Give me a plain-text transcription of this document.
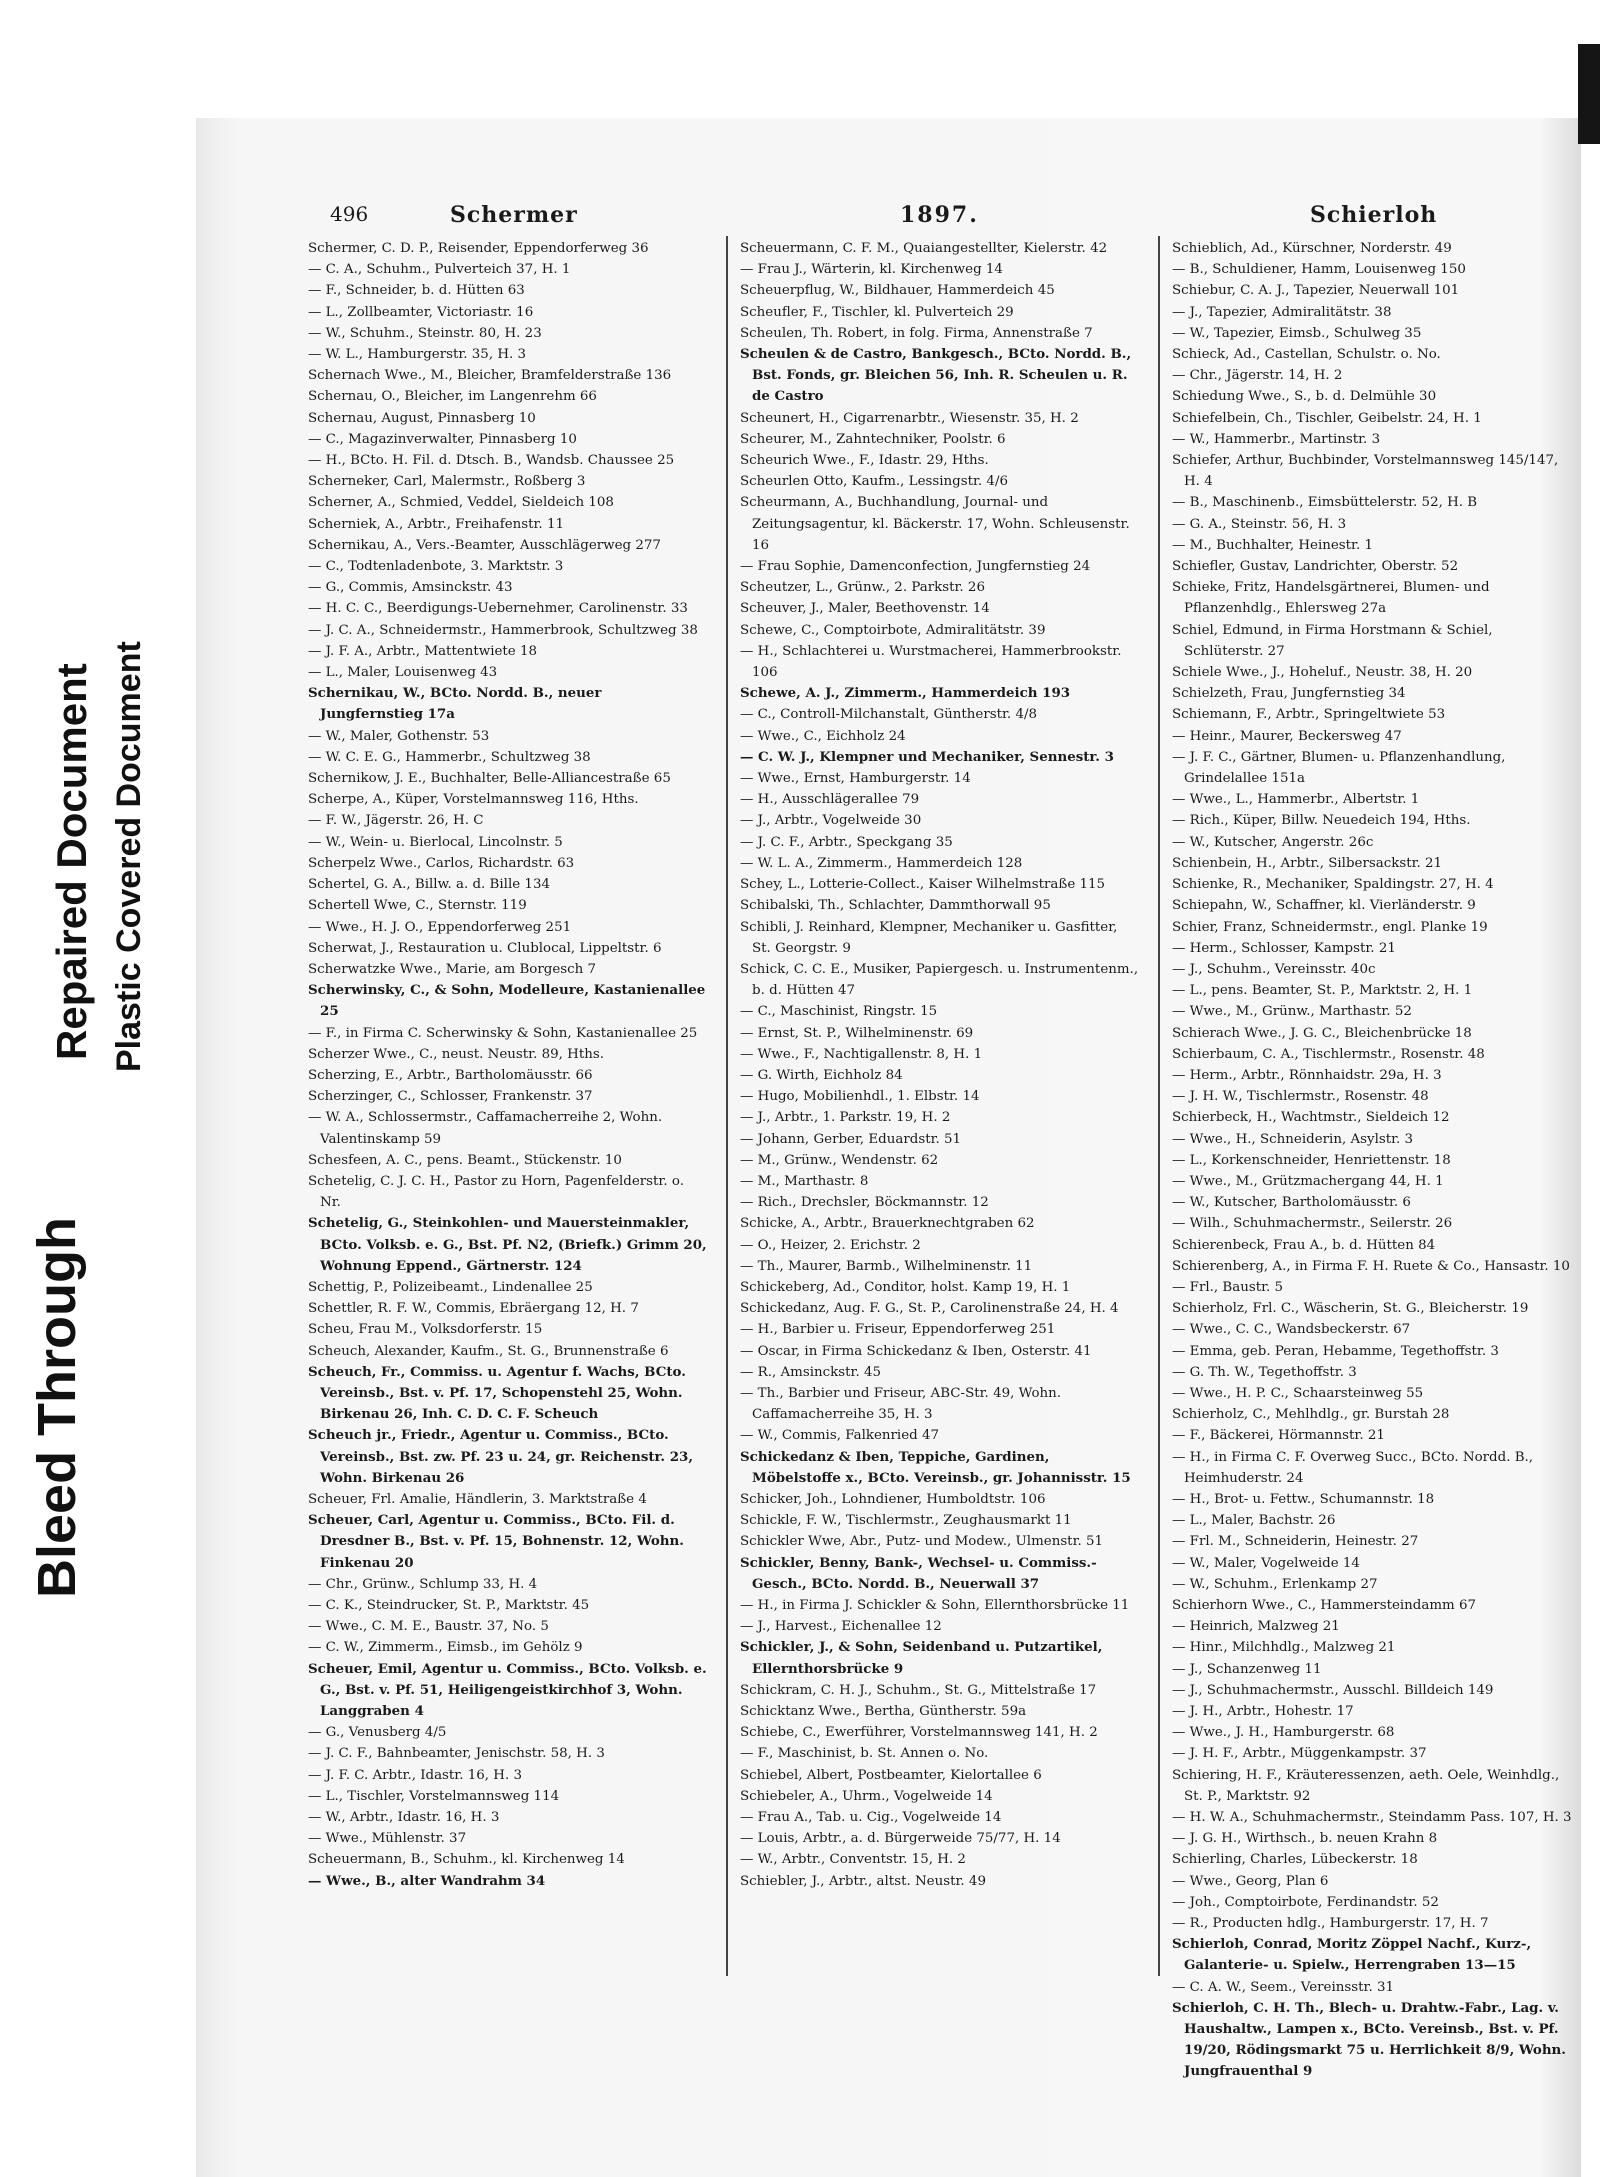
Bleed Through
Repaired Document Plastic Covered Document
496	Schermer	1897.	Schierloh
Schermer, C. D. P., Reisender, Eppendorferweg 36
— C. A., Schuhm., Pulverteich 37, H. 1
— F., Schneider, b. d. Hütten 63
— L., Zollbeamter, Victoriastr. 16
— W., Schuhm., Steinstr. 80, H. 23
— W. L., Hamburgerstr. 35, H. 3
Schernach Wwe., M., Bleicher, Bramfelderstraße 136
Schernau, O., Bleicher, im Langenrehm 66
Schernau, August, Pinnasberg 10
— C., Magazinverwalter, Pinnasberg 10
— H., BCto. H. Fil. d. Dtsch. B., Wandsb. Chaussee 25
Scherneker, Carl, Malermstr., Roßberg 3
Scherner, A., Schmied, Veddel, Sieldeich 108
Scherniek, A., Arbtr., Freihafenstr. 11
Schernikau, A., Vers.-Beamter, Ausschlägerweg 277
— C., Todtenladenbote, 3. Marktstr. 3
— G., Commis, Amsinckstr. 43
— H. C. C., Beerdigungs-Uebernehmer, Carolinenstr. 33
— J. C. A., Schneidermstr., Hammerbrook, Schultzweg 38
— J. F. A., Arbtr., Mattentwiete 18
— L., Maler, Louisenweg 43
Schernikau, W., BCto. Nordd. B., neuer Jungfernstieg 17a
— W., Maler, Gothenstr. 53
— W. C. E. G., Hammerbr., Schultzweg 38
Schernikow, J. E., Buchhalter, Belle-Alliancestraße 65
Scherpe, A., Küper, Vorstelmannsweg 116, Hths.
— F. W., Jägerstr. 26, H. C
— W., Wein- u. Bierlocal, Lincolnstr. 5
Scherpelz Wwe., Carlos, Richardstr. 63
Schertel, G. A., Billw. a. d. Bille 134
Schertell Wwe, C., Sternstr. 119
— Wwe., H. J. O., Eppendorferweg 251
Scherwat, J., Restauration u. Clublocal, Lippeltstr. 6
Scherwatzke Wwe., Marie, am Borgesch 7
Scherwinsky, C., & Sohn, Modelleure, Kastanienallee 25
— F., in Firma C. Scherwinsky & Sohn, Kastanienallee 25
Scherzer Wwe., C., neust. Neustr. 89, Hths.
Scherzing, E., Arbtr., Bartholomäusstr. 66
Scherzinger, C., Schlosser, Frankenstr. 37
— W. A., Schlossermstr., Caffamacherreihe 2, Wohn. Valentinskamp 59
Schesfeen, A. C., pens. Beamt., Stückenstr. 10
Schetelig, C. J. C. H., Pastor zu Horn, Pagenfelderstr. o. Nr.
Schetelig, G., Steinkohlen- und Mauersteinmakler, BCto. Volksb. e. G., Bst. Pf. N2, (Briefk.) Grimm 20, Wohnung Eppend., Gärtnerstr. 124
Schettig, P., Polizeibeamt., Lindenallee 25
Schettler, R. F. W., Commis, Ebräergang 12, H. 7
Scheu, Frau M., Volksdorferstr. 15
Scheuch, Alexander, Kaufm., St. G., Brunnenstraße 6
Scheuch, Fr., Commiss. u. Agentur f. Wachs, BCto. Vereinsb., Bst. v. Pf. 17, Schopenstehl 25, Wohn. Birkenau 26, Inh. C. D. C. F. Scheuch
Scheuch jr., Friedr., Agentur u. Commiss., BCto. Vereinsb., Bst. zw. Pf. 23 u. 24, gr. Reichenstr. 23, Wohn. Birkenau 26
Scheuer, Frl. Amalie, Händlerin, 3. Marktstraße 4
Scheuer, Carl, Agentur u. Commiss., BCto. Fil. d. Dresdner B., Bst. v. Pf. 15, Bohnenstr. 12, Wohn. Finkenau 20
— Chr., Grünw., Schlump 33, H. 4
— C. K., Steindrucker, St. P., Marktstr. 45
— Wwe., C. M. E., Baustr. 37, No. 5
— C. W., Zimmerm., Eimsb., im Gehölz 9
Scheuer, Emil, Agentur u. Commiss., BCto. Volksb. e. G., Bst. v. Pf. 51, Heiligengeistkirchhof 3, Wohn. Langgraben 4
— G., Venusberg 4/5
— J. C. F., Bahnbeamter, Jenischstr. 58, H. 3
— J. F. C. Arbtr., Idastr. 16, H. 3
— L., Tischler, Vorstelmannsweg 114
— W., Arbtr., Idastr. 16, H. 3
— Wwe., Mühlenstr. 37
Scheuermann, B., Schuhm., kl. Kirchenweg 14
— Wwe., B., alter Wandrahm 34
Scheuermann, C. F. M., Quaiangestellter, Kielerstr. 42
— Frau J., Wärterin, kl. Kirchenweg 14
Scheuerpflug, W., Bildhauer, Hammerdeich 45
Scheufler, F., Tischler, kl. Pulverteich 29
Scheulen, Th. Robert, in folg. Firma, Annenstraße 7
Scheulen & de Castro, Bankgesch., BCto. Nordd. B., Bst. Fonds, gr. Bleichen 56, Inh. R. Scheulen u. R. de Castro
Scheunert, H., Cigarrenarbtr., Wiesenstr. 35, H. 2
Scheurer, M., Zahntechniker, Poolstr. 6
Scheurich Wwe., F., Idastr. 29, Hths.
Scheurlen Otto, Kaufm., Lessingstr. 4/6
Scheurmann, A., Buchhandlung, Journal- und Zeitungsagentur, kl. Bäckerstr. 17, Wohn. Schleusenstr. 16
— Frau Sophie, Damenconfection, Jungfernstieg 24
Scheutzer, L., Grünw., 2. Parkstr. 26
Scheuver, J., Maler, Beethovenstr. 14
Schewe, C., Comptoirbote, Admiralitätstr. 39
— H., Schlachterei u. Wurstmacherei, Hammerbrookstr. 106
Schewe, A. J., Zimmerm., Hammerdeich 193
— C., Controll-Milchanstalt, Güntherstr. 4/8
— Wwe., C., Eichholz 24
— C. W. J., Klempner und Mechaniker, Sennestr. 3
— Wwe., Ernst, Hamburgerstr. 14
— H., Ausschlägerallee 79
— J., Arbtr., Vogelweide 30
— J. C. F., Arbtr., Speckgang 35
— W. L. A., Zimmerm., Hammerdeich 128
Schey, L., Lotterie-Collect., Kaiser Wilhelmstraße 115
Schibalski, Th., Schlachter, Dammthorwall 95
Schibli, J. Reinhard, Klempner, Mechaniker u. Gasfitter, St. Georgstr. 9
Schick, C. C. E., Musiker, Papiergesch. u. Instrumentenm., b. d. Hütten 47
— C., Maschinist, Ringstr. 15
— Ernst, St. P., Wilhelminenstr. 69
— Wwe., F., Nachtigallenstr. 8, H. 1
— G. Wirth, Eichholz 84
— Hugo, Mobilienhdl., 1. Elbstr. 14
— J., Arbtr., 1. Parkstr. 19, H. 2
— Johann, Gerber, Eduardstr. 51
— M., Grünw., Wendenstr. 62
— M., Marthastr. 8
— Rich., Drechsler, Böckmannstr. 12
Schicke, A., Arbtr., Brauerknechtgraben 62
— O., Heizer, 2. Erichstr. 2
— Th., Maurer, Barmb., Wilhelminenstr. 11
Schickeberg, Ad., Conditor, holst. Kamp 19, H. 1
Schickedanz, Aug. F. G., St. P., Carolinenstraße 24, H. 4
— H., Barbier u. Friseur, Eppendorferweg 251
— Oscar, in Firma Schickedanz & Iben, Osterstr. 41
— R., Amsinckstr. 45
— Th., Barbier und Friseur, ABC-Str. 49, Wohn. Caffamacherreihe 35, H. 3
— W., Commis, Falkenried 47
Schickedanz & Iben, Teppiche, Gardinen, Möbelstoffe x., BCto. Vereinsb., gr. Johannisstr. 15
Schicker, Joh., Lohndiener, Humboldtstr. 106
Schickle, F. W., Tischlermstr., Zeughausmarkt 11
Schickler Wwe, Abr., Putz- und Modew., Ulmenstr. 51
Schickler, Benny, Bank-, Wechsel- u. Commiss.-Gesch., BCto. Nordd. B., Neuerwall 37
— H., in Firma J. Schickler & Sohn, Ellernthorsbrücke 11
— J., Harvest., Eichenallee 12
Schickler, J., & Sohn, Seidenband u. Putzartikel, Ellernthorsbrücke 9
Schickram, C. H. J., Schuhm., St. G., Mittelstraße 17
Schicktanz Wwe., Bertha, Güntherstr. 59a
Schiebe, C., Ewerführer, Vorstelmannsweg 141, H. 2
— F., Maschinist, b. St. Annen o. No.
Schiebel, Albert, Postbeamter, Kielortallee 6
Schiebeler, A., Uhrm., Vogelweide 14
— Frau A., Tab. u. Cig., Vogelweide 14
— Louis, Arbtr., a. d. Bürgerweide 75/77, H. 14
— W., Arbtr., Conventstr. 15, H. 2
Schiebler, J., Arbtr., altst. Neustr. 49
Schieblich, Ad., Kürschner, Norderstr. 49
— B., Schuldiener, Hamm, Louisenweg 150
Schiebur, C. A. J., Tapezier, Neuerwall 101
— J., Tapezier, Admiralitätstr. 38
— W., Tapezier, Eimsb., Schulweg 35
Schieck, Ad., Castellan, Schulstr. o. No.
— Chr., Jägerstr. 14, H. 2
Schiedung Wwe., S., b. d. Delmühle 30
Schiefelbein, Ch., Tischler, Geibelstr. 24, H. 1
— W., Hammerbr., Martinstr. 3
Schiefer, Arthur, Buchbinder, Vorstelmannsweg 145/147, H. 4
— B., Maschinenb., Eimsbüttelerstr. 52, H. B
— G. A., Steinstr. 56, H. 3
— M., Buchhalter, Heinestr. 1
Schiefler, Gustav, Landrichter, Oberstr. 52
Schieke, Fritz, Handelsgärtnerei, Blumen- und Pflanzenhdlg., Ehlersweg 27a
Schiel, Edmund, in Firma Horstmann & Schiel, Schlüterstr. 27
Schiele Wwe., J., Hoheluf., Neustr. 38, H. 20
Schielzeth, Frau, Jungfernstieg 34
Schiemann, F., Arbtr., Springeltwiete 53
— Heinr., Maurer, Beckersweg 47
— J. F. C., Gärtner, Blumen- u. Pflanzenhandlung, Grindelallee 151a
— Wwe., L., Hammerbr., Albertstr. 1
— Rich., Küper, Billw. Neuedeich 194, Hths.
— W., Kutscher, Angerstr. 26c
Schienbein, H., Arbtr., Silbersackstr. 21
Schienke, R., Mechaniker, Spaldingstr. 27, H. 4
Schiepahn, W., Schaffner, kl. Vierländerstr. 9
Schier, Franz, Schneidermstr., engl. Planke 19
— Herm., Schlosser, Kampstr. 21
— J., Schuhm., Vereinsstr. 40c
— L., pens. Beamter, St. P., Marktstr. 2, H. 1
— Wwe., M., Grünw., Marthastr. 52
Schierach Wwe., J. G. C., Bleichenbrücke 18
Schierbaum, C. A., Tischlermstr., Rosenstr. 48
— Herm., Arbtr., Rönnhaidstr. 29a, H. 3
— J. H. W., Tischlermstr., Rosenstr. 48
Schierbeck, H., Wachtmstr., Sieldeich 12
— Wwe., H., Schneiderin, Asylstr. 3
— L., Korkenschneider, Henriettenstr. 18
— Wwe., M., Grützmachergang 44, H. 1
— W., Kutscher, Bartholomäusstr. 6
— Wilh., Schuhmachermstr., Seilerstr. 26
Schierenbeck, Frau A., b. d. Hütten 84
Schierenberg, A., in Firma F. H. Ruete & Co., Hansastr. 10
— Frl., Baustr. 5
Schierholz, Frl. C., Wäscherin, St. G., Bleicherstr. 19
— Wwe., C. C., Wandsbeckerstr. 67
— Emma, geb. Peran, Hebamme, Tegethoffstr. 3
— G. Th. W., Tegethoffstr. 3
— Wwe., H. P. C., Schaarsteinweg 55
Schierholz, C., Mehlhdlg., gr. Burstah 28
— F., Bäckerei, Hörmannstr. 21
— H., in Firma C. F. Overweg Succ., BCto. Nordd. B., Heimhuderstr. 24
— H., Brot- u. Fettw., Schumannstr. 18
— L., Maler, Bachstr. 26
— Frl. M., Schneiderin, Heinestr. 27
— W., Maler, Vogelweide 14
— W., Schuhm., Erlenkamp 27
Schierhorn Wwe., C., Hammersteindamm 67
— Heinrich, Malzweg 21
— Hinr., Milchhdlg., Malzweg 21
— J., Schanzenweg 11
— J., Schuhmachermstr., Ausschl. Billdeich 149
— J. H., Arbtr., Hohestr. 17
— Wwe., J. H., Hamburgerstr. 68
— J. H. F., Arbtr., Müggenkampstr. 37
Schiering, H. F., Kräuteressenzen, aeth. Oele, Weinhdlg., St. P., Marktstr. 92
— H. W. A., Schuhmachermstr., Steindamm Pass. 107, H. 3
— J. G. H., Wirthsch., b. neuen Krahn 8
Schierling, Charles, Lübeckerstr. 18
— Wwe., Georg, Plan 6
— Joh., Comptoirbote, Ferdinandstr. 52
— R., Producten hdlg., Hamburgerstr. 17, H. 7
Schierloh, Conrad, Moritz Zöppel Nachf., Kurz-, Galanterie- u. Spielw., Herrengraben 13—15
— C. A. W., Seem., Vereinsstr. 31
Schierloh, C. H. Th., Blech- u. Drahtw.-Fabr., Lag. v. Haushaltw., Lampen x., BCto. Vereinsb., Bst. v. Pf. 19/20, Rödingsmarkt 75 u. Herrlichkeit 8/9, Wohn. Jungfrauenthal 9
